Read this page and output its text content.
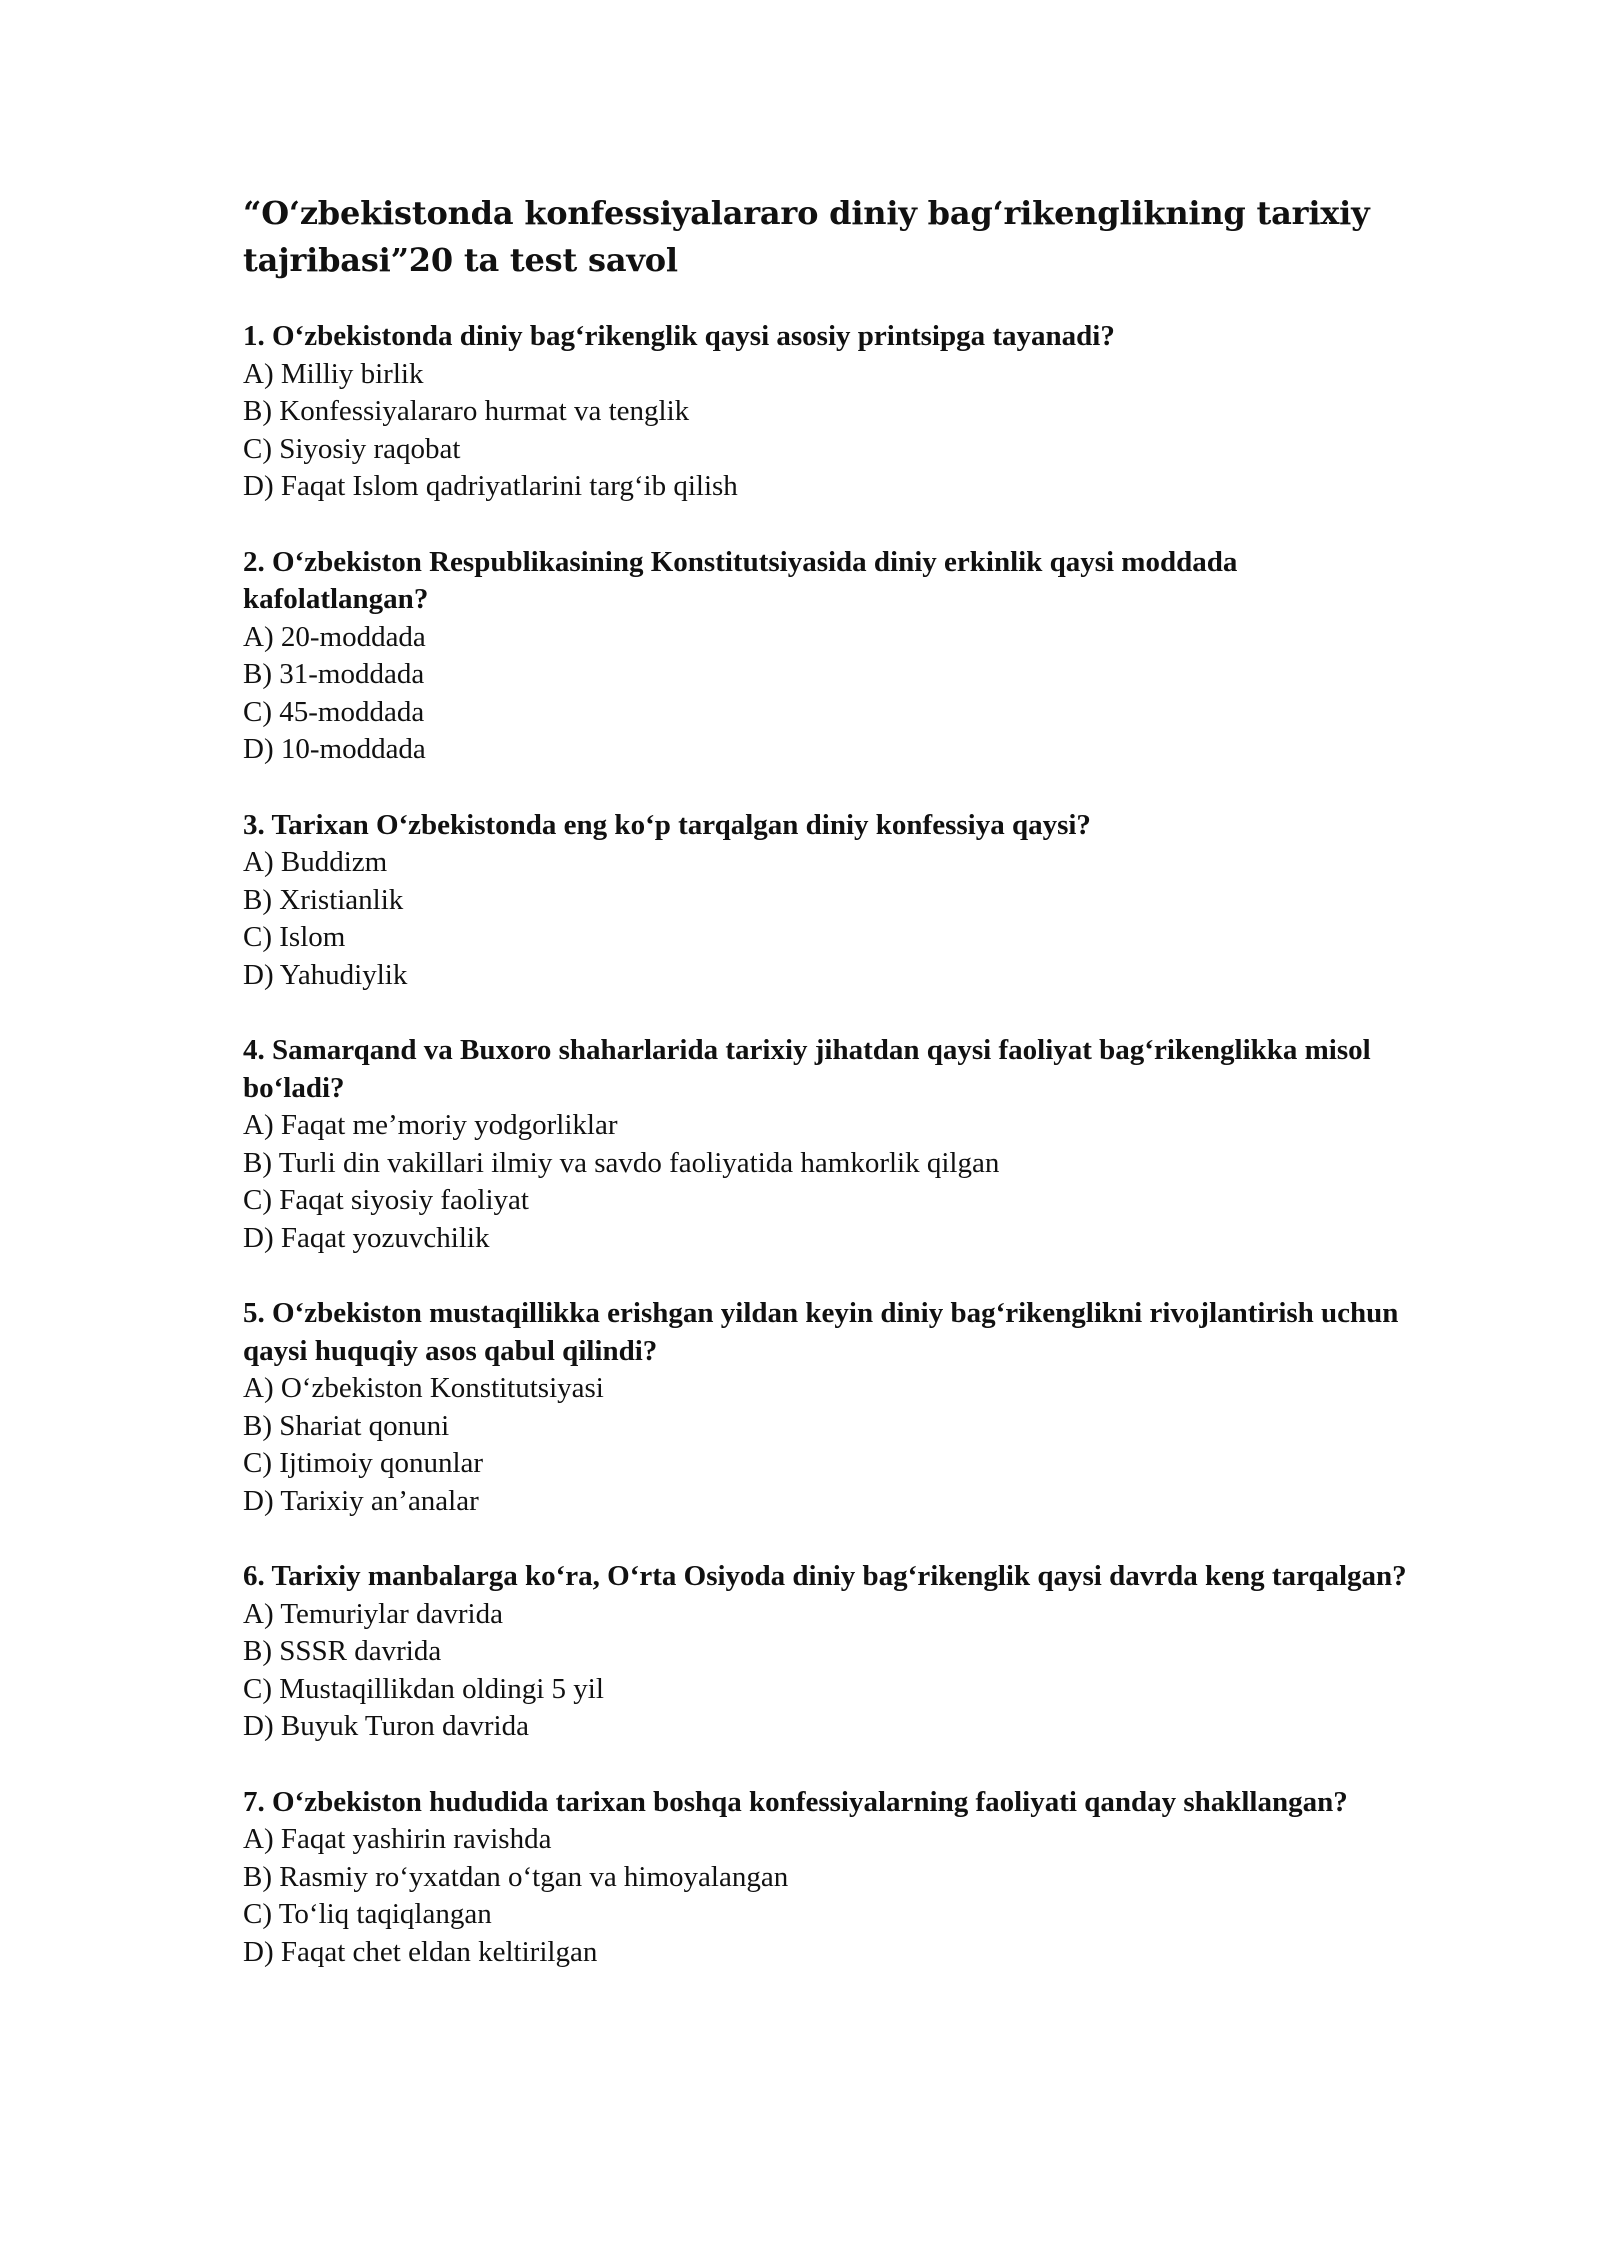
“O‘zbekistonda konfessiyalararo diniy bag‘rikenglikning tarixiy tajribasi”20 ta test savol

1. O‘zbekistonda diniy bag‘rikenglik qaysi asosiy printsipga tayanadi?

A) Milliy birlik
B) Konfessiyalararo hurmat va tenglik
C) Siyosiy raqobat
D) Faqat Islom qadriyatlarini targ‘ib qilish

2. O‘zbekiston Respublikasining Konstitutsiyasida diniy erkinlik qaysi moddada kafolatlangan?

A) 20-moddada
B) 31-moddada
C) 45-moddada
D) 10-moddada

3. Tarixan O‘zbekistonda eng ko‘p tarqalgan diniy konfessiya qaysi?

A) Buddizm
B) Xristianlik
C) Islom
D) Yahudiylik

4. Samarqand va Buxoro shaharlarida tarixiy jihatdan qaysi faoliyat bag‘rikenglikka misol bo‘ladi?

A) Faqat me’moriy yodgorliklar
B) Turli din vakillari ilmiy va savdo faoliyatida hamkorlik qilgan
C) Faqat siyosiy faoliyat
D) Faqat yozuvchilik

5. O‘zbekiston mustaqillikka erishgan yildan keyin diniy bag‘rikenglikni rivojlantirish uchun qaysi huquqiy asos qabul qilindi?

A) O‘zbekiston Konstitutsiyasi
B) Shariat qonuni
C) Ijtimoiy qonunlar
D) Tarixiy an’analar

6. Tarixiy manbalarga ko‘ra, O‘rta Osiyoda diniy bag‘rikenglik qaysi davrda keng tarqalgan?

A) Temuriylar davrida
B) SSSR davrida
C) Mustaqillikdan oldingi 5 yil
D) Buyuk Turon davrida

7. O‘zbekiston hududida tarixan boshqa konfessiyalarning faoliyati qanday shakllangan?

A) Faqat yashirin ravishda
B) Rasmiy ro‘yxatdan o‘tgan va himoyalangan
C) To‘liq taqiqlangan
D) Faqat chet eldan keltirilgan
